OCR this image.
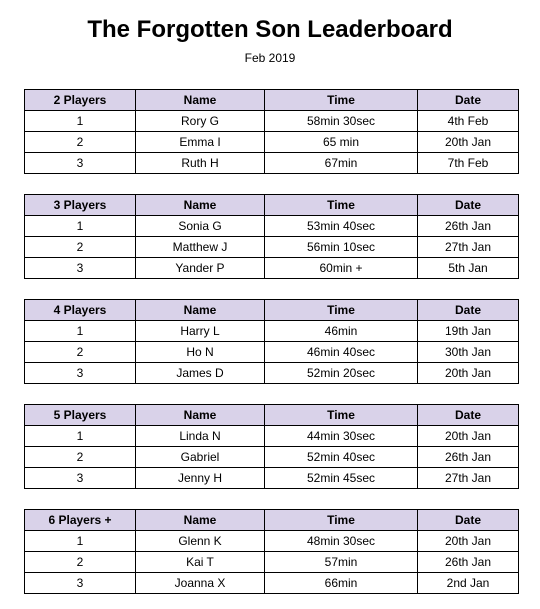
The Forgotten Son Leaderboard
Feb 2019
2 Players	Name	Time	Date
1	Rory G	58min 30sec	4th Feb
2	Emma I	65 min	20th Jan
3	Ruth H	67min	7th Feb
3 Players	Name	Time	Date
1	Sonia G	53min 40sec	26th Jan
2	Matthew J	56min 10sec	27th Jan
3	Yander P	60min +	5th Jan
4 Players	Name	Time	Date
1	Harry L	46min	19th Jan
2	Ho N	46min 40sec	30th Jan
3	James D	52min 20sec	20th Jan
5 Players	Name	Time	Date
1	Linda N	44min 30sec	20th Jan
2	Gabriel	52min 40sec	26th Jan
3	Jenny H	52min 45sec	27th Jan
6 Players +	Name	Time	Date
1	Glenn K	48min 30sec	20th Jan
2	Kai T	57min	26th Jan
3	Joanna X	66min	2nd Jan
